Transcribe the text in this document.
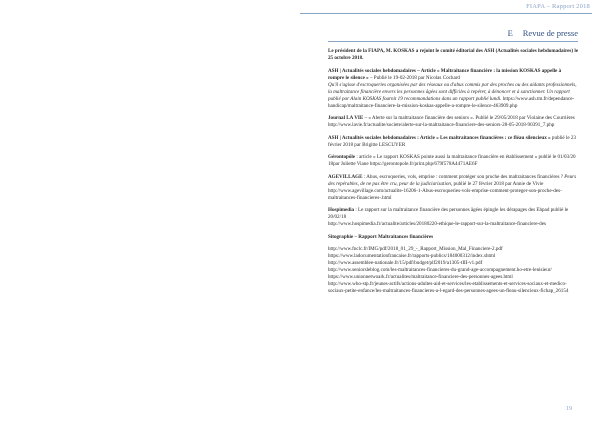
FIAPA – Rapport 2018
E Revue de presse

Le président de la FIAPA, M. KOSKAS a rejoint le comité éditorial des ASH (Actualités sociales hebdomadaires) le 25 octobre 2018.

ASH | Actualités sociales hebdomadaires – Article « Maltraitance financière : la mission KOSKAS appelle à rompre le silence » – Publié le 19-02-2018 par Nicolas Cochard
Qu'il s'agisse d'escroqueries organisées par des réseaux ou d'abus commis par des proches ou des aidants professionnels, la maltraitance financière envers les personnes âgées sont difficiles à repérer, à dénoncer et à sanctionner. Un rapport publié par Alain KOSKAS fournit 19 recommandations dans un rapport publié lundi. https://www.ash.tm.fr/dependance-handicap/maltraitance-financiere-la-mission-koskas-appelle-a-rompre-le-silence-463909.php

Journal LA VIE – « Alerte sur la maltraitance financière des seniors ». Publié le 29/05/2018 par Violaine des Courrières
http://www.lavie.fr/actualite/societe/alerte-sur-la-maltraitance-financiere-des-seniors-28-05-2018-90391_7.php

ASH | Actualités sociales hebdomadaires : Article « Les maltraitances financières : ce fléau silencieux » publié le 23 février 2018 par Brigitte LESCUYER

Gérontopôle : article « Le rapport KOSKAS pointe aussi la maltraitance financière en établissement » publié le 01/03/20 18par Juliette Viane https://gerontopole.fr/print.php/679f578A4471AE6F

AGEVILLAGE : Abus, escroqueries, vols, emprise : comment protéger son proche des maltraitances financières ? Peurs des repérables, de ne pas être cru, peur de la judiciarisation, publié le 27 février 2018 par Annie de Vivie http://www.agevillage.com/actualite-16206-1-Abus-escroqueries-vols-emprise-comment-proteger-son-proche-des-maltraitances-financieres-.html

Hospimedia : Le rapport sur la maltraitance financière des personnes âgées épingle les dérapages des Ehpad publié le 20/02/18
http://www.hospimedia.fr/actualite/articles/20180220-ethique-le-rapport-sur-la-maltraitance-financiere-des

Sitographie – Rapport Maltraitances financières

http://www.fnclc.fr/IMG/pdf/2018_01_29_-_Rapport_Mission_Mal_Financiere-2.pdf
https://www.ladocumentationfrancaise.fr/rapports-publics/184000312/index.shtml
http://www.assemblee-nationale.fr/15/pdf/budget/plf2019/a1305-tIII-v1.pdf
http://www.seniorsleblog.com/les-maltraitances-financieres-du-grand-age-accompagnement.ho-etre-lenisieur/
https://www.unionnetwoark.fr/actualites/maltraitance-financiere-des-personnes-agees.html
http://www.who-stp.fr/jeunes-actifs/actions-adultes-aid-et-services/les-etablissements-et-services-sociaux-et-medico-sociaux-petite-enfance/les-maltraitances-financieres-a-l-egard-des-personnes-agees-un-fleau-silencieux-fichap_26154

19
